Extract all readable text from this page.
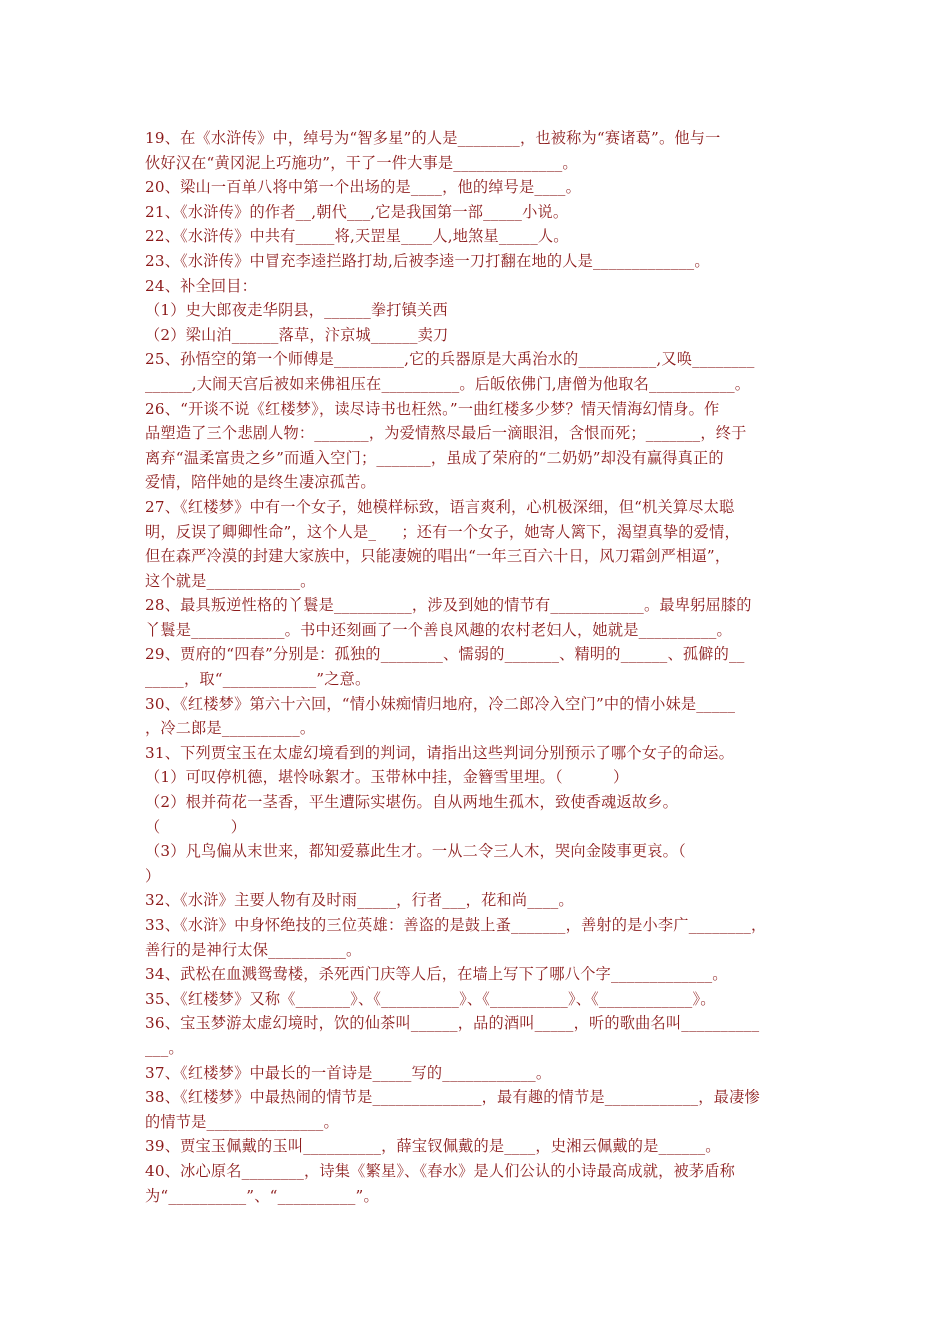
19、在《水浒传》中，绰号为“智多星”的人是________，也被称为“赛诸葛”。他与一
伙好汉在“黄冈泥上巧施功”，干了一件大事是______________。
20、梁山一百单八将中第一个出场的是____，他的绰号是____。
21、《水浒传》的作者__,朝代___,它是我国第一部_____小说。
22、《水浒传》中共有_____将,天罡星____人,地煞星_____人。
23、《水浒传》中冒充李逵拦路打劫,后被李逵一刀打翻在地的人是_____________。
24、补全回目：
（1）史大郎夜走华阴县，______拳打镇关西
（2）梁山泊______落草，汴京城______卖刀
25、孙悟空的第一个师傅是_________,它的兵器原是大禹治水的__________,又唤________
______,大闹天宫后被如来佛祖压在__________。后皈依佛门,唐僧为他取名___________。
26、“开谈不说《红楼梦》，读尽诗书也枉然。”一曲红楼多少梦？情天情海幻情身。作
品塑造了三个悲剧人物：_______，为爱情熬尽最后一滴眼泪，含恨而死；_______，终于
离弃“温柔富贵之乡”而遁入空门；_______，虽成了荣府的“二奶奶”却没有赢得真正的
爱情，陪伴她的是终生凄凉孤苦。
27、《红楼梦》中有一个女子，她模样标致，语言爽利，心机极深细，但“机关算尽太聪
明，反误了卿卿性命”，这个人是_     ；还有一个女子，她寄人篱下，渴望真挚的爱情，
但在森严冷漠的封建大家族中，只能凄婉的唱出“一年三百六十日，风刀霜剑严相逼”，
这个就是____________。
28、最具叛逆性格的丫鬟是__________，涉及到她的情节有____________。最卑躬屈膝的
丫鬟是____________。书中还刻画了一个善良风趣的农村老妇人，她就是__________。
29、贾府的“四春”分别是：孤独的________、懦弱的_______、精明的______、孤僻的__
_____，取“____________”之意。
30、《红楼梦》第六十六回，“情小妹痴情归地府，冷二郎冷入空门”中的情小妹是_____
，冷二郎是__________。
31、下列贾宝玉在太虚幻境看到的判词，请指出这些判词分别预示了哪个女子的命运。
（1）可叹停机德，堪怜咏絮才。玉带林中挂，金簪雪里埋。（          ）
（2）根并荷花一茎香，平生遭际实堪伤。自从两地生孤木，致使香魂返故乡。
（              ）
（3）凡鸟偏从末世来，都知爱慕此生才。一从二令三人木，哭向金陵事更哀。（
）
32、《水浒》主要人物有及时雨_____，行者___，花和尚____。
33、《水浒》中身怀绝技的三位英雄：善盗的是鼓上蚤_______，善射的是小李广________，
善行的是神行太保__________。
34、武松在血溅鸳鸯楼，杀死西门庆等人后，在墙上写下了哪八个字_____________。
35、《红楼梦》又称《_______》、《__________》、《__________》、《____________》。
36、宝玉梦游太虚幻境时，饮的仙茶叫______，品的酒叫_____，听的歌曲名叫__________
___。
37、《红楼梦》中最长的一首诗是_____写的____________。
38、《红楼梦》中最热闹的情节是______________，最有趣的情节是____________，最凄惨
的情节是_______________。
39、贾宝玉佩戴的玉叫__________，薛宝钗佩戴的是____，史湘云佩戴的是______。
40、冰心原名________，诗集《繁星》、《春水》是人们公认的小诗最高成就，被茅盾称
为“__________”、“__________”。
